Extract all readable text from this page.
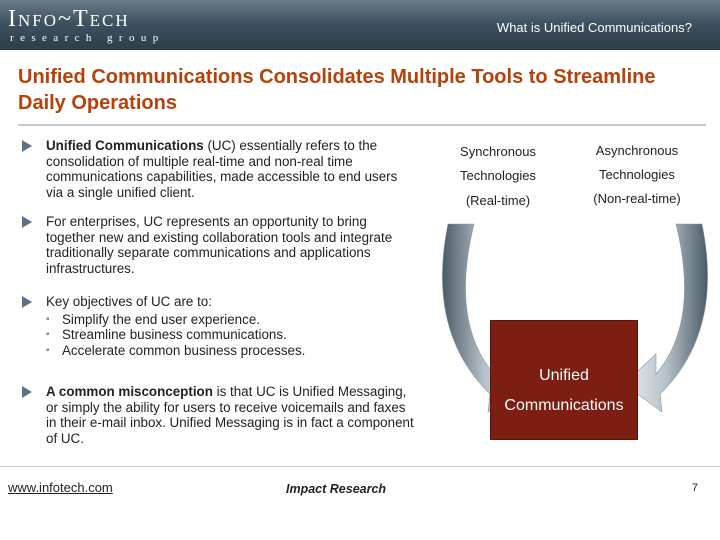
Info~Tech
research group
What is Unified Communications?
Unified Communications Consolidates Multiple Tools to Streamline Daily Operations
Unified Communications (UC) essentially refers to the consolidation of multiple real-time and non-real time communications capabilities, made accessible to end users via a single unified client.
For enterprises, UC represents an opportunity to bring together new and existing collaboration tools and integrate traditionally separate communications and applications infrastructures.
Key objectives of UC are to:
▪ Simplify the end user experience.
▪ Streamline business communications.
▪ Accelerate common business processes.
A common misconception is that UC is Unified Messaging, or simply the ability for users to receive voicemails and faxes in their e-mail inbox. Unified Messaging is in fact a component of UC.
Synchronous
Technologies
(Real-time)
Asynchronous
Technologies
(Non-real-time)
Unified
Communications
www.infotech.com	Impact Research	7
